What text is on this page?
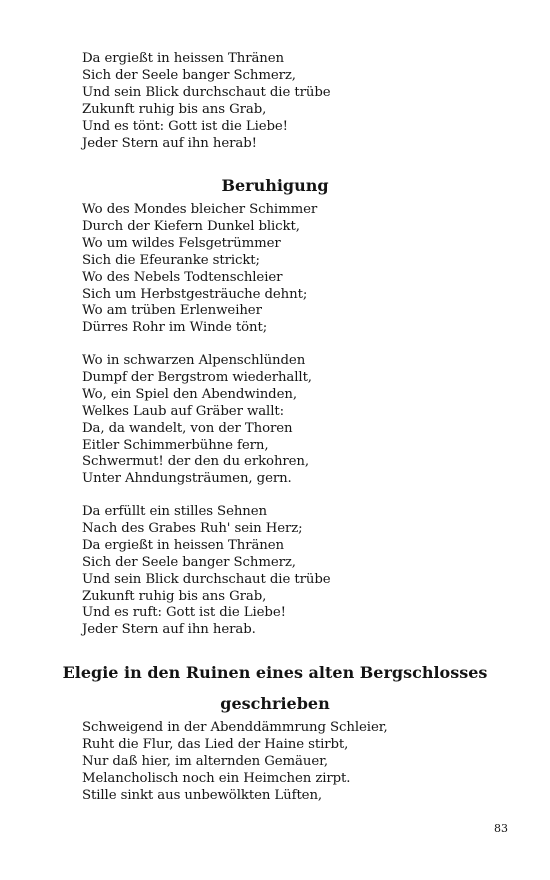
Da ergießt in heissen Thränen
Sich der Seele banger Schmerz,
Und sein Blick durchschaut die trübe
Zukunft ruhig bis ans Grab,
Und es tönt: Gott ist die Liebe!
Jeder Stern auf ihn herab!
Beruhigung
Wo des Mondes bleicher Schimmer
Durch der Kiefern Dunkel blickt,
Wo um wildes Felsgetrümmer
Sich die Efeuranke strickt;
Wo des Nebels Todtenschleier
Sich um Herbstgesträuche dehnt;
Wo am trüben Erlenweiher
Dürres Rohr im Winde tönt;
Wo in schwarzen Alpenschlünden
Dumpf der Bergstrom wiederhallt,
Wo, ein Spiel den Abendwinden,
Welkes Laub auf Gräber wallt:
Da, da wandelt, von der Thoren
Eitler Schimmerbühne fern,
Schwermut! der den du erkohren,
Unter Ahndungsträumen, gern.
Da erfüllt ein stilles Sehnen
Nach des Grabes Ruh' sein Herz;
Da ergießt in heissen Thränen
Sich der Seele banger Schmerz,
Und sein Blick durchschaut die trübe
Zukunft ruhig bis ans Grab,
Und es ruft: Gott ist die Liebe!
Jeder Stern auf ihn herab.
Elegie in den Ruinen eines alten Bergschlosses
geschrieben
Schweigend in der Abenddämmrung Schleier,
Ruht die Flur, das Lied der Haine stirbt,
Nur daß hier, im alternden Gemäuer,
Melancholisch noch ein Heimchen zirpt.
Stille sinkt aus unbewölkten Lüften,
83
